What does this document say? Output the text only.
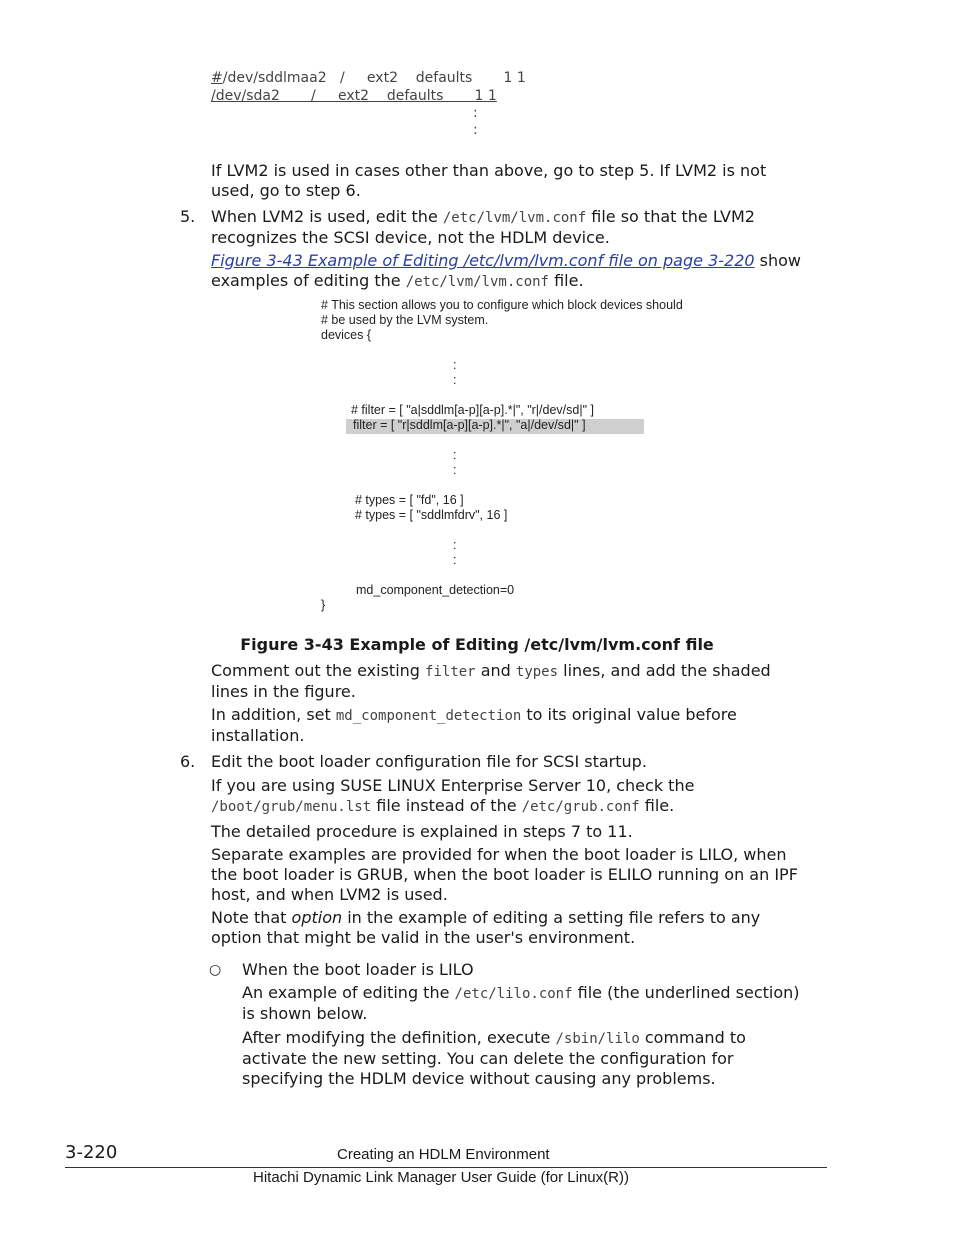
#/dev/sddlmaa2   /     ext2    defaults       1 1
/dev/sda2       /     ext2    defaults       1 1
:
:

If LVM2 is used in cases other than above, go to step 5. If LVM2 is not used, go to step 6.

5. When LVM2 is used, edit the /etc/lvm/lvm.conf file so that the LVM2 recognizes the SCSI device, not the HDLM device.

Figure 3-43 Example of Editing /etc/lvm/lvm.conf file on page 3-220 show examples of editing the /etc/lvm/lvm.conf file.

# This section allows you to configure which block devices should
# be used by the LVM system.
devices {
:
:
# filter = [ "a|sddlm[a-p][a-p].*|", "r|/dev/sd|" ]
filter = [ "r|sddlm[a-p][a-p].*|", "a|/dev/sd|" ]
:
:
# types = [ "fd", 16 ]
# types = [ "sddlmfdrv", 16 ]
:
:
md_component_detection=0
}
Figure 3-43 Example of Editing /etc/lvm/lvm.conf file

Comment out the existing filter and types lines, and add the shaded lines in the figure.

In addition, set md_component_detection to its original value before installation.

6. Edit the boot loader configuration file for SCSI startup.

If you are using SUSE LINUX Enterprise Server 10, check the /boot/grub/menu.lst file instead of the /etc/grub.conf file.

The detailed procedure is explained in steps 7 to 11.

Separate examples are provided for when the boot loader is LILO, when the boot loader is GRUB, when the boot loader is ELILO running on an IPF host, and when LVM2 is used.

Note that option in the example of editing a setting file refers to any option that might be valid in the user's environment.

○ When the boot loader is LILO

An example of editing the /etc/lilo.conf file (the underlined section) is shown below.

After modifying the definition, execute /sbin/lilo command to activate the new setting. You can delete the configuration for specifying the HDLM device without causing any problems.

3-220	Creating an HDLM Environment
Hitachi Dynamic Link Manager User Guide (for Linux(R))
